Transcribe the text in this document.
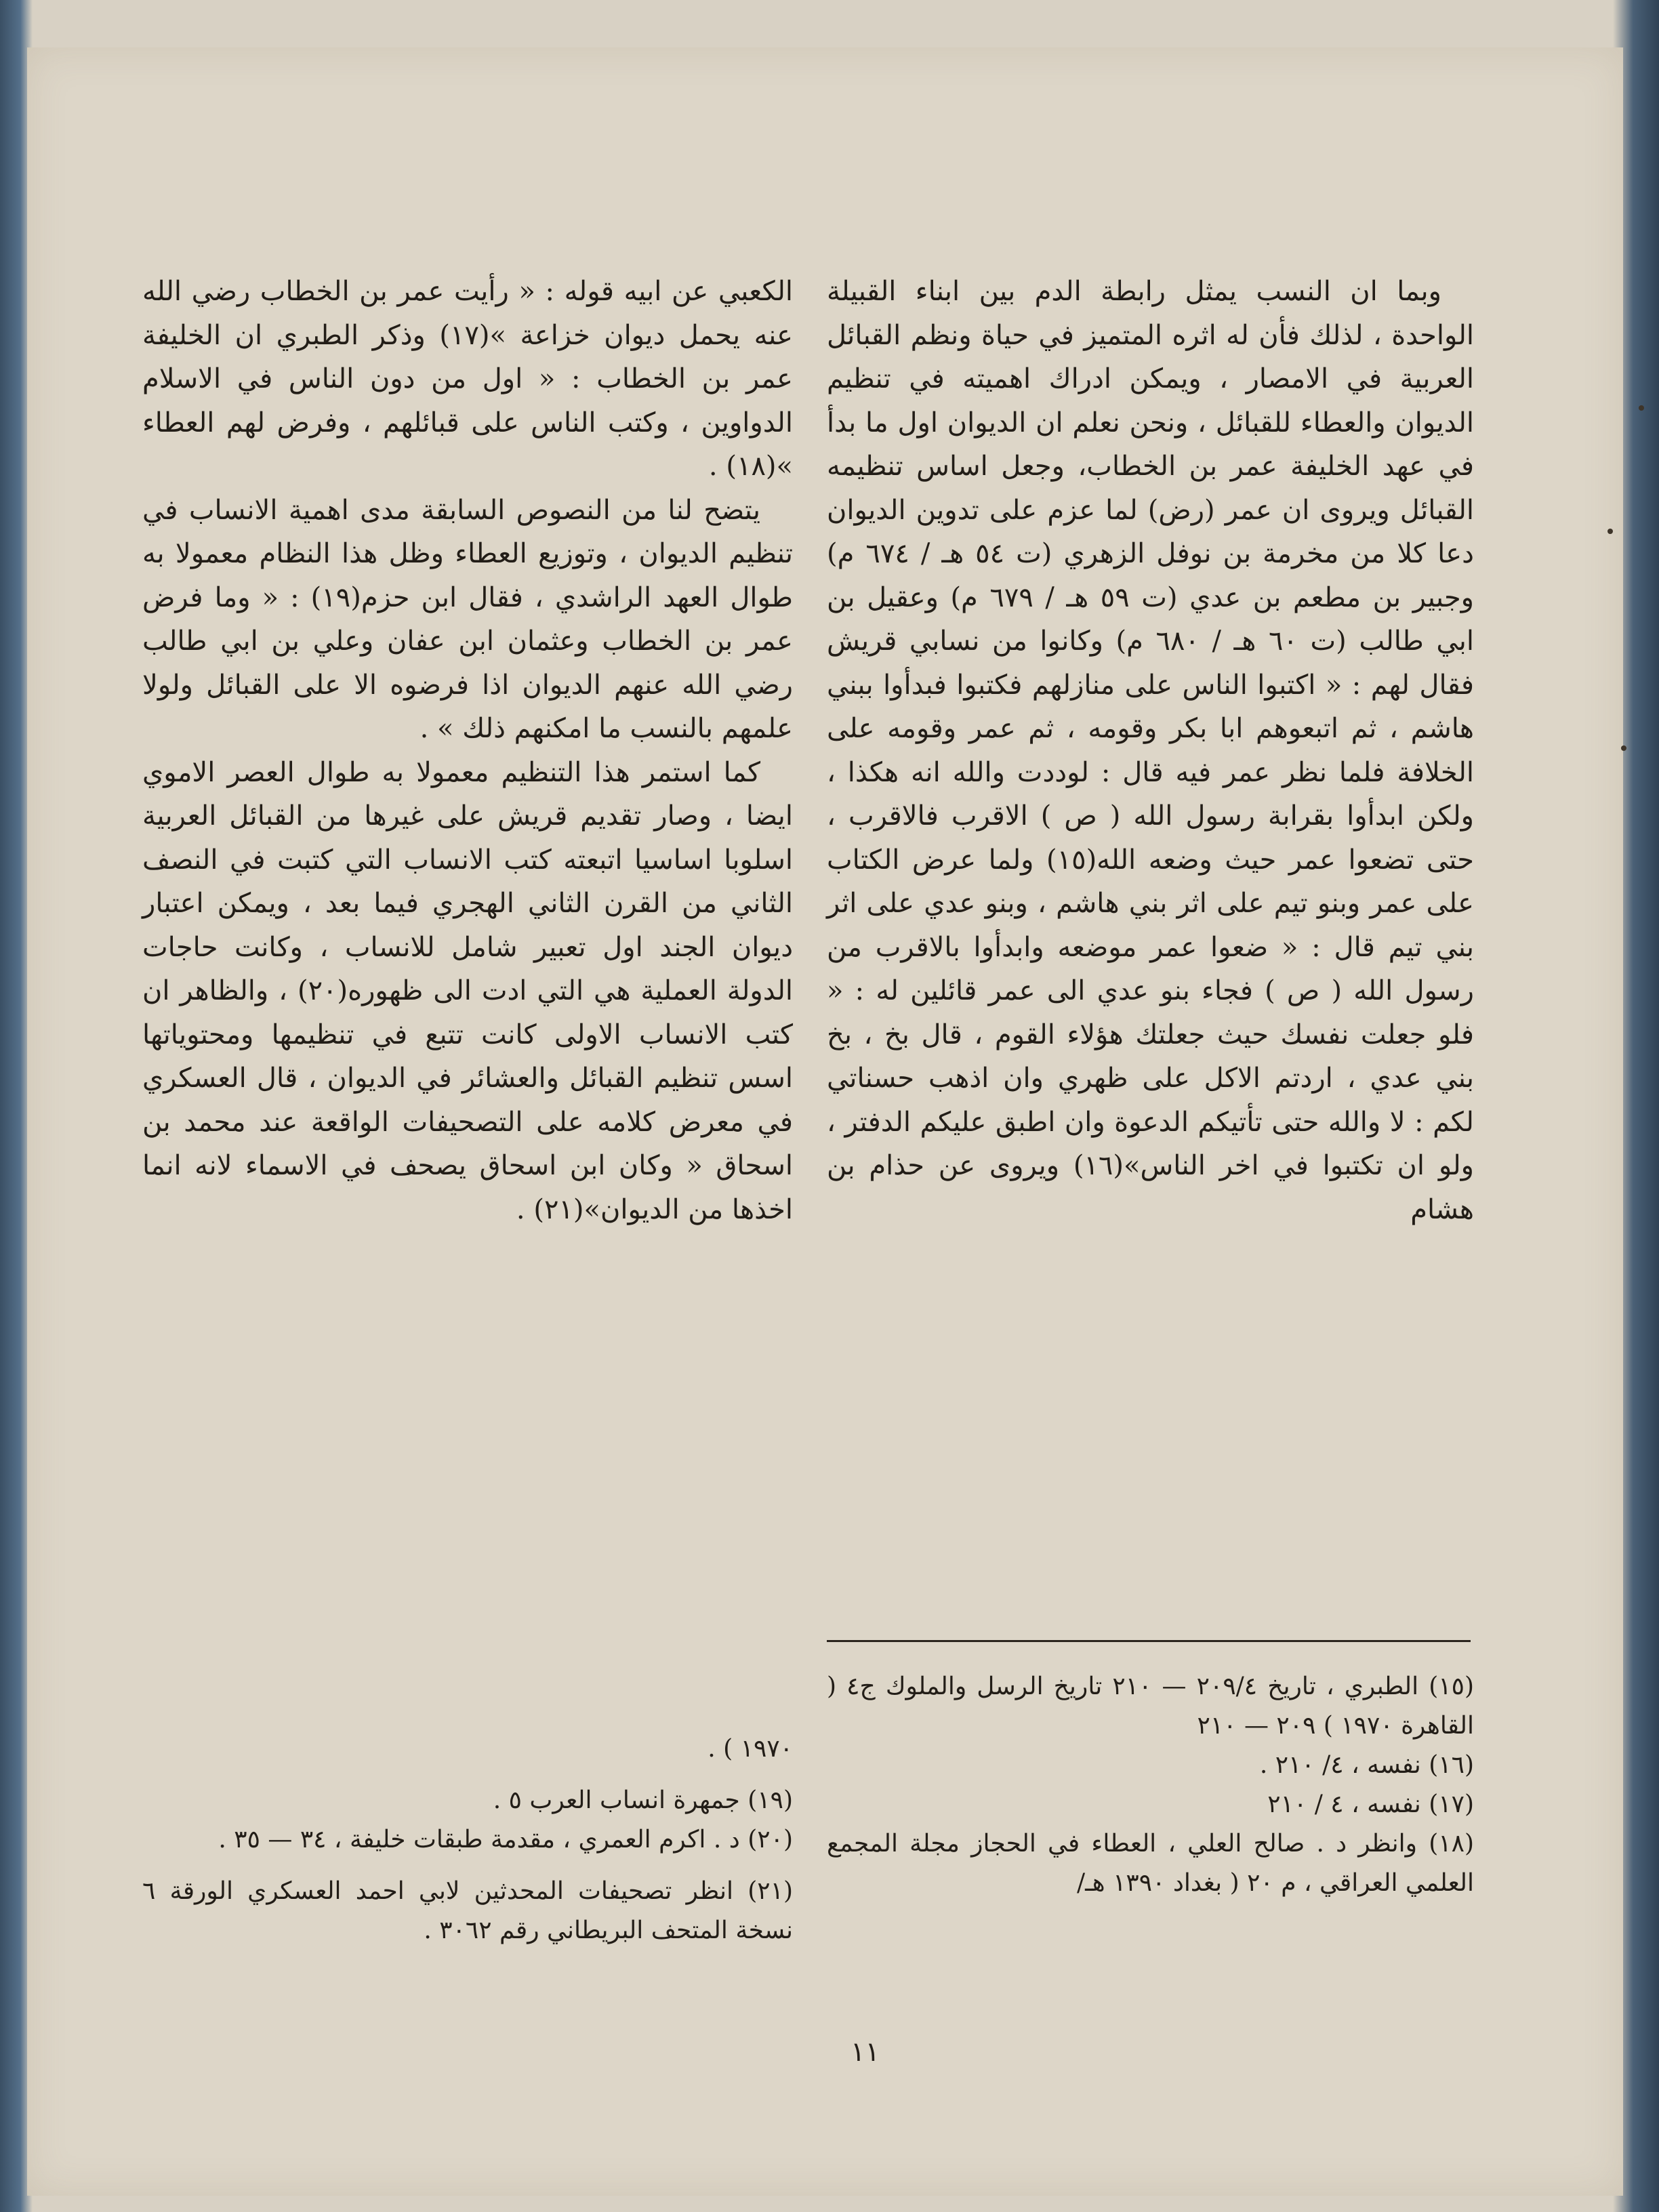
وبما ان النسب يمثل رابطة الدم بين ابناء القبيلة الواحدة ، لذلك فأن له اثره المتميز في حياة ونظم القبائل العربية في الامصار ، ويمكن ادراك اهميته في تنظيم الديوان والعطاء للقبائل ، ونحن نعلم ان الديوان اول ما بدأ في عهد الخليفة عمر بن الخطاب، وجعل اساس تنظيمه القبائل ويروى ان عمر (رض) لما عزم على تدوين الديوان دعا كلا من مخرمة بن نوفل الزهري (ت ٥٤ هـ / ٦٧٤ م) وجبير بن مطعم بن عدي (ت ٥٩ هـ / ٦٧٩ م) وعقيل بن ابي طالب (ت ٦٠ هـ / ٦٨٠ م) وكانوا من نسابي قريش فقال لهم : « اكتبوا الناس على منازلهم فكتبوا فبدأوا ببني هاشم ، ثم اتبعوهم ابا بكر وقومه ، ثم عمر وقومه على الخلافة فلما نظر عمر فيه قال : لوددت والله انه هكذا ، ولكن ابدأوا بقرابة رسول الله ( ص ) الاقرب فالاقرب ، حتى تضعوا عمر حيث وضعه الله(١٥) ولما عرض الكتاب على عمر وبنو تيم على اثر بني هاشم ، وبنو عدي على اثر بني تيم قال : « ضعوا عمر موضعه وابدأوا بالاقرب من رسول الله ( ص ) فجاء بنو عدي الى عمر قائلين له : « فلو جعلت نفسك حيث جعلتك هؤلاء القوم ، قال بخ ، بخ بني عدي ، اردتم الاكل على ظهري وان اذهب حسناتي لكم : لا والله حتى تأتيكم الدعوة وان اطبق عليكم الدفتر ، ولو ان تكتبوا في اخر الناس»(١٦) ويروى عن حذام بن هشام

الكعبي عن ابيه قوله : « رأيت عمر بن الخطاب رضي الله عنه يحمل ديوان خزاعة »(١٧) وذكر الطبري ان الخليفة عمر بن الخطاب : « اول من دون الناس في الاسلام الدواوين ، وكتب الناس على قبائلهم ، وفرض لهم العطاء »(١٨) .

يتضح لنا من النصوص السابقة مدى اهمية الانساب في تنظيم الديوان ، وتوزيع العطاء وظل هذا النظام معمولا به طوال العهد الراشدي ، فقال ابن حزم(١٩) : « وما فرض عمر بن الخطاب وعثمان ابن عفان وعلي بن ابي طالب رضي الله عنهم الديوان اذا فرضوه الا على القبائل ولولا علمهم بالنسب ما امكنهم ذلك » .

كما استمر هذا التنظيم معمولا به طوال العصر الاموي ايضا ، وصار تقديم قريش على غيرها من القبائل العربية اسلوبا اساسيا اتبعته كتب الانساب التي كتبت في النصف الثاني من القرن الثاني الهجري فيما بعد ، ويمكن اعتبار ديوان الجند اول تعبير شامل للانساب ، وكانت حاجات الدولة العملية هي التي ادت الى ظهوره(٢٠) ، والظاهر ان كتب الانساب الاولى كانت تتبع في تنظيمها ومحتوياتها اسس تنظيم القبائل والعشائر في الديوان ، قال العسكري في معرض كلامه على التصحيفات الواقعة عند محمد بن اسحاق « وكان ابن اسحاق يصحف في الاسماء لانه انما اخذها من الديوان»(٢١) .

(١٥) الطبري ، تاريخ ٢٠٩/٤ — ٢١٠ تاريخ الرسل والملوك ج٤ ( القاهرة ١٩٧٠ ) ٢٠٩ — ٢١٠

(١٦) نفسه ، ٤/ ٢١٠ .

(١٧) نفسه ، ٤ / ٢١٠

(١٨) وانظر د . صالح العلي ، العطاء في الحجاز مجلة المجمع العلمي العراقي ، م ٢٠ ( بغداد ١٣٩٠ هـ/

١٩٧٠ ) .

(١٩) جمهرة انساب العرب ٥ .

(٢٠) د . اكرم العمري ، مقدمة طبقات خليفة ، ٣٤ — ٣٥ .

(٢١) انظر تصحيفات المحدثين لابي احمد العسكري الورقة ٦ نسخة المتحف البريطاني رقم ٣٠٦٢ .

١١
